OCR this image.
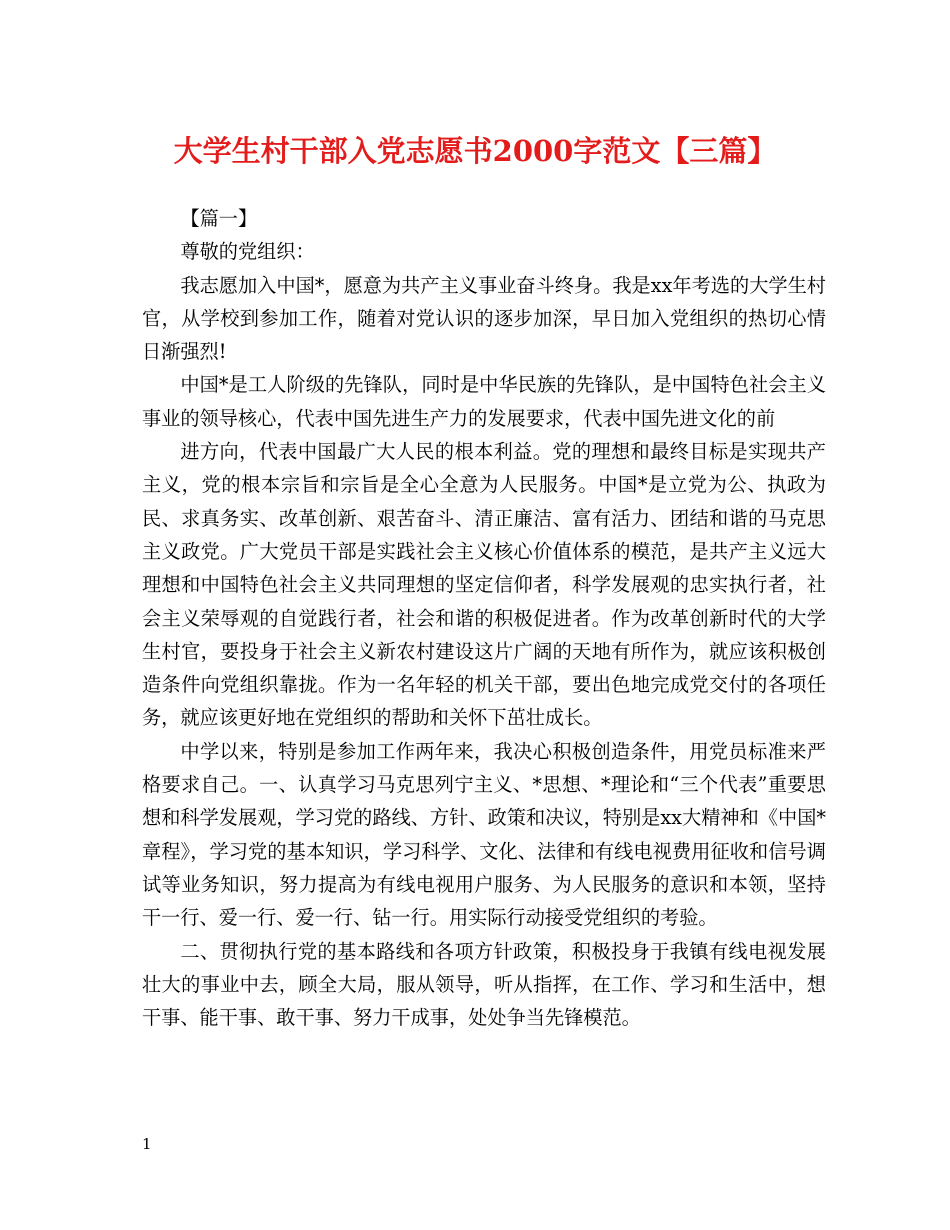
大学生村干部入党志愿书2000字范文【三篇】

【篇一】

尊敬的党组织：

我志愿加入中国*，愿意为共产主义事业奋斗终身。我是xx年考选的大学生村官，从学校到参加工作，随着对党认识的逐步加深，早日加入党组织的热切心情日渐强烈!

中国*是工人阶级的先锋队，同时是中华民族的先锋队，是中国特色社会主义事业的领导核心，代表中国先进生产力的发展要求，代表中国先进文化的前

进方向，代表中国最广大人民的根本利益。党的理想和最终目标是实现共产主义，党的根本宗旨和宗旨是全心全意为人民服务。中国*是立党为公、执政为民、求真务实、改革创新、艰苦奋斗、清正廉洁、富有活力、团结和谐的马克思主义政党。广大党员干部是实践社会主义核心价值体系的模范，是共产主义远大理想和中国特色社会主义共同理想的坚定信仰者，科学发展观的忠实执行者，社会主义荣辱观的自觉践行者，社会和谐的积极促进者。作为改革创新时代的大学生村官，要投身于社会主义新农村建设这片广阔的天地有所作为，就应该积极创造条件向党组织靠拢。作为一名年轻的机关干部，要出色地完成党交付的各项任务，就应该更好地在党组织的帮助和关怀下茁壮成长。

中学以来，特别是参加工作两年来，我决心积极创造条件，用党员标准来严格要求自己。一、认真学习马克思列宁主义、*思想、*理论和“三个代表”重要思想和科学发展观，学习党的路线、方针、政策和决议，特别是xx大精神和《中国*章程》，学习党的基本知识，学习科学、文化、法律和有线电视费用征收和信号调试等业务知识，努力提高为有线电视用户服务、为人民服务的意识和本领，坚持干一行、爱一行、爱一行、钻一行。用实际行动接受党组织的考验。

二、贯彻执行党的基本路线和各项方针政策，积极投身于我镇有线电视发展壮大的事业中去，顾全大局，服从领导，听从指挥，在工作、学习和生活中，想干事、能干事、敢干事、努力干成事，处处争当先锋模范。

1
